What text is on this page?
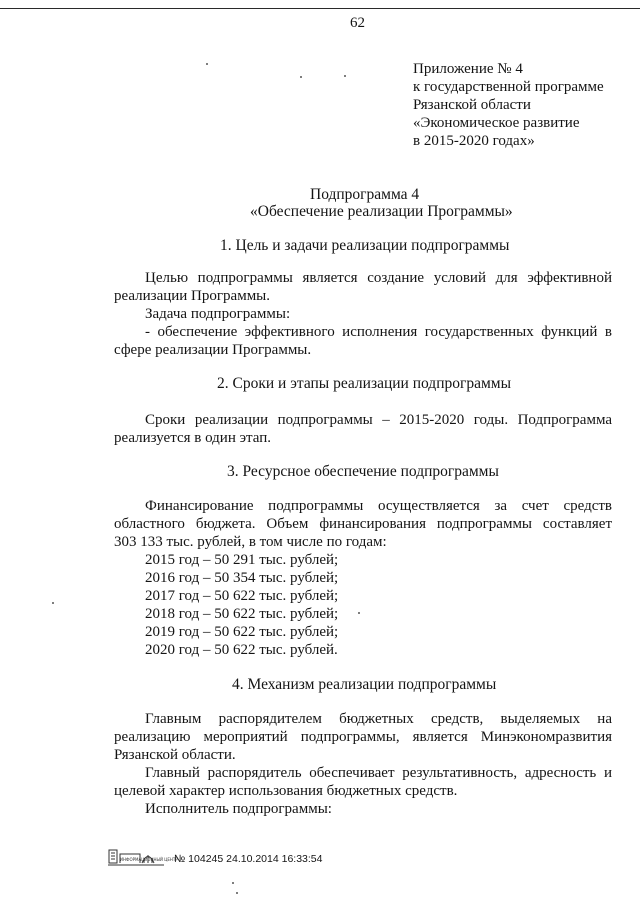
62
Приложение № 4
к государственной программе
Рязанской области
«Экономическое развитие
в 2015-2020 годах»
Подпрограмма 4
«Обеспечение реализации Программы»
1. Цель и задачи реализации подпрограммы
Целью подпрограммы является создание условий для эффективной
реализации Программы.
Задача подпрограммы:
- обеспечение эффективного исполнения государственных функций в
сфере реализации Программы.
2. Сроки и этапы реализации подпрограммы
Сроки реализации подпрограммы – 2015-2020 годы. Подпрограмма
реализуется в один этап.
3. Ресурсное обеспечение подпрограммы
Финансирование подпрограммы осуществляется за счет средств
областного бюджета. Объем финансирования подпрограммы составляет
303 133 тыс. рублей, в том числе по годам:
2015 год – 50 291 тыс. рублей;
2016 год – 50 354 тыс. рублей;
2017 год – 50 622 тыс. рублей;
2018 год – 50 622 тыс. рублей;
2019 год – 50 622 тыс. рублей;
2020 год – 50 622 тыс. рублей.
4. Механизм реализации подпрограммы
Главным распорядителем бюджетных средств, выделяемых на
реализацию мероприятий подпрограммы, является Минэкономразвития
Рязанской области.
Главный распорядитель обеспечивает результативность, адресность и
целевой характер использования бюджетных средств.
Исполнитель подпрограммы:
ИНФОРМАЦИОННЫЙ ЦЕНТР
№ 104245 24.10.2014 16:33:54
